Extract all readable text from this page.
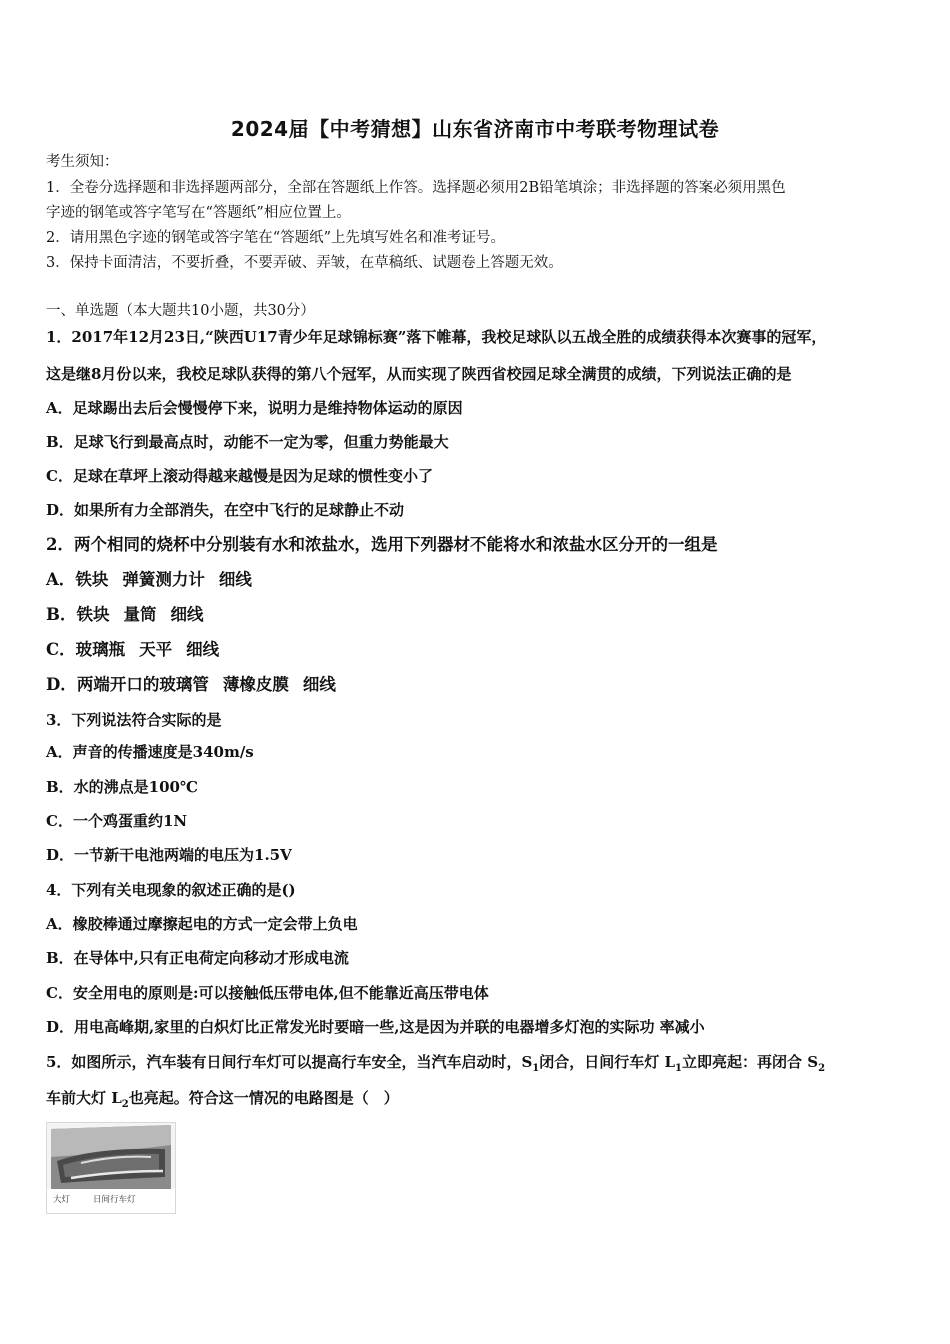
2024届【中考猜想】山东省济南市中考联考物理试卷
考生须知：
1．全卷分选择题和非选择题两部分，全部在答题纸上作答。选择题必须用2B铅笔填涂；非选择题的答案必须用黑色
字迹的钢笔或答字笔写在“答题纸”相应位置上。
2．请用黑色字迹的钢笔或答字笔在“答题纸”上先填写姓名和准考证号。
3．保持卡面清洁，不要折叠，不要弄破、弄皱，在草稿纸、试题卷上答题无效。
一、单选题（本大题共10小题，共30分）
1．2017年12月23日,“陕西U17青少年足球锦标赛”落下帷幕，我校足球队以五战全胜的成绩获得本次赛事的冠军，
这是继8月份以来，我校足球队获得的第八个冠军，从而实现了陕西省校园足球全满贯的成绩，下列说法正确的是
A．足球踢出去后会慢慢停下来，说明力是维持物体运动的原因
B．足球飞行到最高点时，动能不一定为零，但重力势能最大
C．足球在草坪上滚动得越来越慢是因为足球的惯性变小了
D．如果所有力全部消失，在空中飞行的足球静止不动
2．两个相同的烧杯中分别装有水和浓盐水，选用下列器材不能将水和浓盐水区分开的一组是
A．铁块 弹簧测力计 细线
B．铁块 量筒 细线
C．玻璃瓶 天平 细线
D．两端开口的玻璃管 薄橡皮膜 细线
3．下列说法符合实际的是
A．声音的传播速度是340m/s
B．水的沸点是100℃
C．一个鸡蛋重约1N
D．一节新干电池两端的电压为1.5V
4．下列有关电现象的叙述正确的是()
A．橡胶棒通过摩擦起电的方式一定会带上负电
B．在导体中,只有正电荷定向移动才形成电流
C．安全用电的原则是:可以接触低压带电体,但不能靠近高压带电体
D．用电高峰期,家里的白炽灯比正常发光时要暗一些,这是因为并联的电器增多灯泡的实际功 率减小
5．如图所示，汽车装有日间行车灯可以提高行车安全，当汽车启动时，$S_1$闭合，日间行车灯 $L_1$立即亮起：再闭合 $S_2$
车前大灯 $L_2$也亮起。符合这一情况的电路图是（　）
大灯	日间行车灯
